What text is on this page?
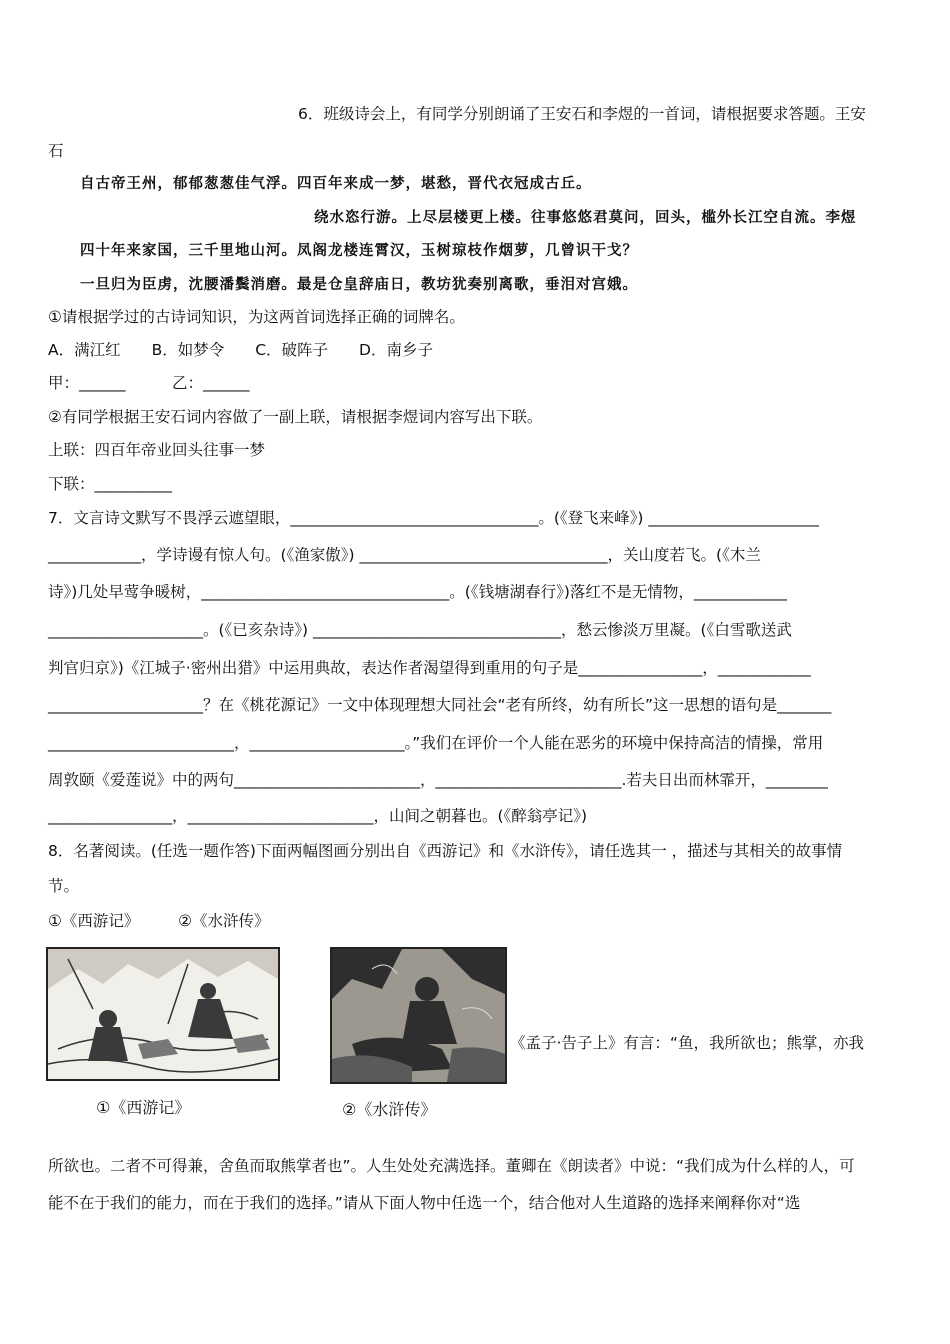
6．班级诗会上，有同学分别朗诵了王安石和李煜的一首词，请根据要求答题。王安
石
自古帝王州，郁郁葱葱佳气浮。四百年来成一梦，堪愁，晋代衣冠成古丘。
绕水恣行游。上尽层楼更上楼。往事悠悠君莫问，回头，槛外长江空自流。李煜
四十年来家国，三千里地山河。凤阁龙楼连霄汉，玉树琼枝作烟萝，几曾识干戈？
一旦归为臣虏，沈腰潘鬓消磨。最是仓皇辞庙日，教坊犹奏别离歌，垂泪对宫娥。
①请根据学过的古诗词知识，为这两首词选择正确的词牌名。
A．满江红　　B．如梦令　　C．破阵子　　D．南乡子
甲：______　　　乙：______
②有同学根据王安石词内容做了一副上联，请根据李煜词内容写出下联。
上联：四百年帝业回头往事一梦
下联：__________
7．文言诗文默写不畏浮云遮望眼，________________________________。(《登飞来峰》) ______________________
____________，学诗谩有惊人句。(《渔家傲》) ________________________________，关山度若飞。(《木兰
诗》)几处早莺争暖树，________________________________。(《钱塘湖春行》)落红不是无情物，____________
____________________。(《已亥杂诗》) ________________________________，愁云惨淡万里凝。(《白雪歌送武
判官归京》)《江城子·密州出猎》中运用典故，表达作者渴望得到重用的句子是________________，____________
____________________？在《桃花源记》一文中体现理想大同社会“老有所终，幼有所长”这一思想的语句是_______
________________________，____________________。”我们在评价一个人能在恶劣的环境中保持高洁的情操，常用
周敦颐《爱莲说》中的两句________________________，________________________.若夫日出而林霏开，________
________________，________________________，山间之朝暮也。(《醉翁亭记》)
8．名著阅读。(任选一题作答)下面两幅图画分别出自《西游记》和《水浒传》，请任选其一 ，描述与其相关的故事情
节。
①《西游记》　　　②《水浒传》
①《西游记》	②《水浒传》
《孟子·告子上》有言：“鱼，我所欲也；熊掌，亦我
所欲也。二者不可得兼，舍鱼而取熊掌者也”。人生处处充满选择。董卿在《朗读者》中说：“我们成为什么样的人，可
能不在于我们的能力，而在于我们的选择。”请从下面人物中任选一个，结合他对人生道路的选择来阐释你对“选
